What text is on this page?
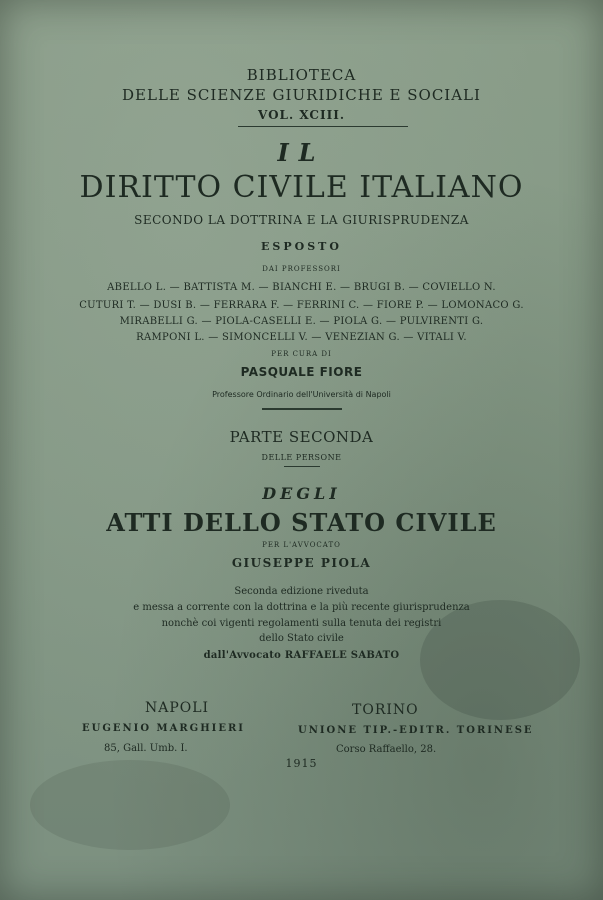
BIBLIOTECA
DELLE SCIENZE GIURIDICHE E SOCIALI
VOL. XCIII.
IL
DIRITTO CIVILE ITALIANO
SECONDO LA DOTTRINA E LA GIURISPRUDENZA
ESPOSTO
DAI PROFESSORI
ABELLO L. — BATTISTA M. — BIANCHI E. — BRUGI B. — COVIELLO N.
CUTURI T. — DUSI B. — FERRARA F. — FERRINI C. — FIORE P. — LOMONACO G.
MIRABELLI G. — PIOLA-CASELLI E. — PIOLA G. — PULVIRENTI G.
RAMPONI L. — SIMONCELLI V. — VENEZIAN G. — VITALI V.
PER CURA DI
PASQUALE FIORE
Professore Ordinario dell'Università di Napoli
PARTE SECONDA
DELLE PERSONE
DEGLI
ATTI DELLO STATO CIVILE
PER L'AVVOCATO
GIUSEPPE PIOLA
Seconda edizione riveduta
e messa a corrente con la dottrina e la più recente giurisprudenza
nonchè coi vigenti regolamenti sulla tenuta dei registri
dello Stato civile
dall'Avvocato RAFFAELE SABATO
NAPOLI
EUGENIO MARGHIERI
85, Gall. Umb. I.
TORINO
UNIONE TIP.-EDITR. TORINESE
Corso Raffaello, 28.
1915
